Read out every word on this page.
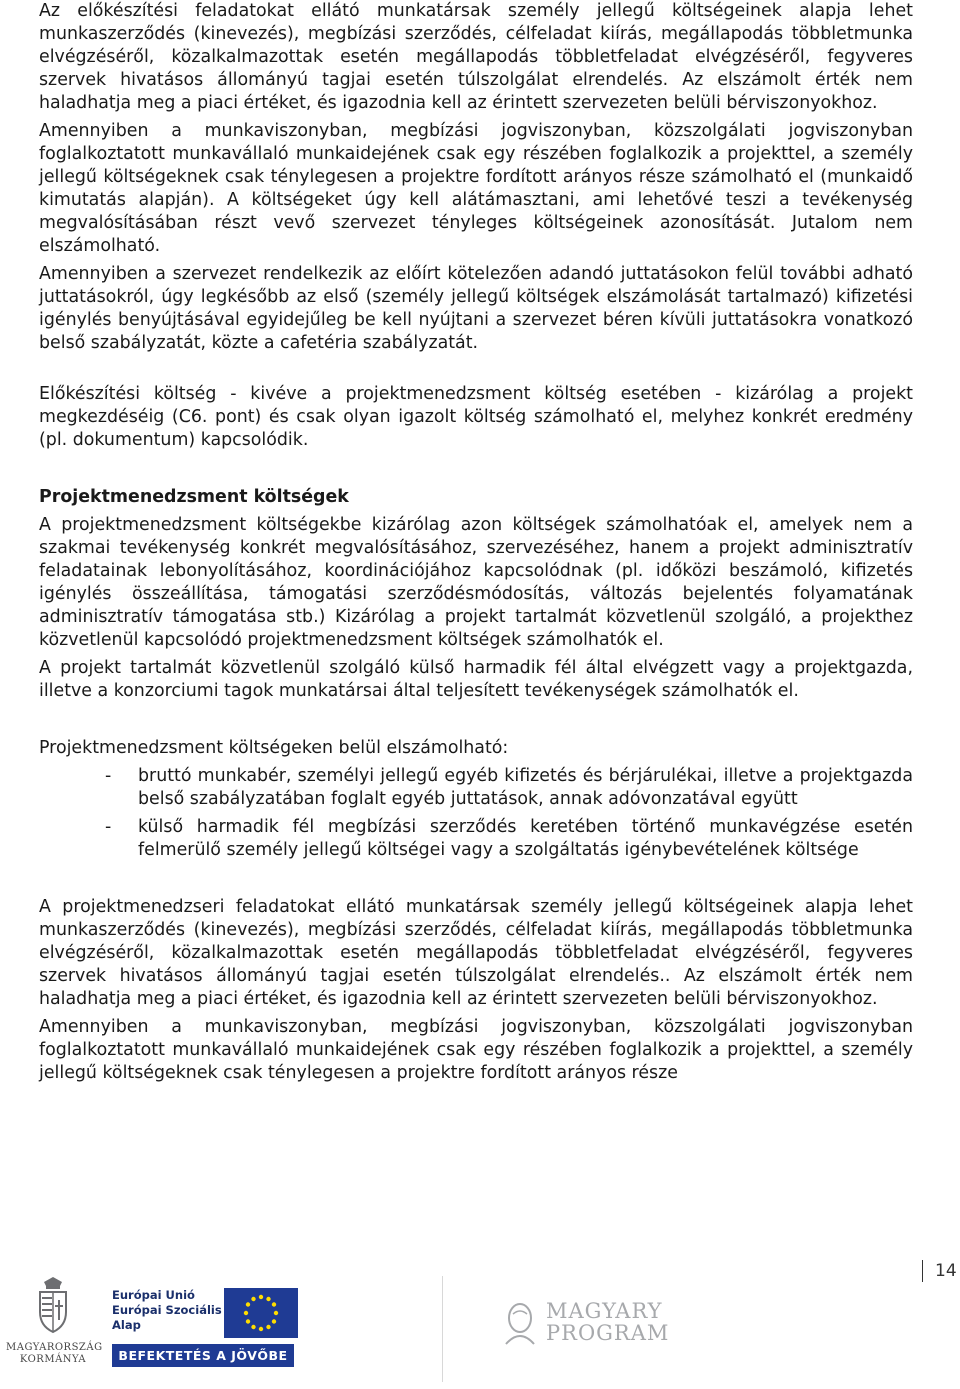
Az előkészítési feladatokat ellátó munkatársak személy jellegű költségeinek alapja lehet munkaszerződés (kinevezés), megbízási szerződés, célfeladat kiírás, megállapodás többletmunka elvégzéséről, közalkalmazottak esetén megállapodás többletfeladat elvégzéséről, fegyveres szervek hivatásos állományú tagjai esetén túlszolgálat elrendelés. Az elszámolt érték nem haladhatja meg a piaci értéket, és igazodnia kell az érintett szervezeten belüli bérviszonyokhoz.

Amennyiben a munkaviszonyban, megbízási jogviszonyban, közszolgálati jogviszonyban foglalkoztatott munkavállaló munkaidejének csak egy részében foglalkozik a projekttel, a személy jellegű költségeknek csak ténylegesen a projektre fordított arányos része számolható el (munkaidő kimutatás alapján). A költségeket úgy kell alátámasztani, ami lehetővé teszi a tevékenység megvalósításában részt vevő szervezet tényleges költségeinek azonosítását. Jutalom nem elszámolható.

Amennyiben a szervezet rendelkezik az előírt kötelezően adandó juttatásokon felül további adható juttatásokról, úgy legkésőbb az első (személy jellegű költségek elszámolását tartalmazó) kifizetési igénylés benyújtásával egyidejűleg be kell nyújtani a szervezet béren kívüli juttatásokra vonatkozó belső szabályzatát, közte a cafetéria szabályzatát.

Előkészítési költség - kivéve a projektmenedzsment költség esetében - kizárólag a projekt megkezdéséig (C6. pont) és csak olyan igazolt költség számolható el, melyhez konkrét eredmény (pl. dokumentum) kapcsolódik.

Projektmenedzsment költségek

A projektmenedzsment költségekbe kizárólag azon költségek számolhatóak el, amelyek nem a szakmai tevékenység konkrét megvalósításához, szervezéséhez, hanem a projekt adminisztratív feladatainak lebonyolításához, koordinációjához kapcsolódnak (pl. időközi beszámoló, kifizetés igénylés összeállítása, támogatási szerződésmódosítás, változás bejelentés folyamatának adminisztratív támogatása stb.) Kizárólag a projekt tartalmát közvetlenül szolgáló, a projekthez közvetlenül kapcsolódó projektmenedzsment költségek számolhatók el.

A projekt tartalmát közvetlenül szolgáló külső harmadik fél által elvégzett vagy a projektgazda, illetve a konzorciumi tagok munkatársai által teljesített tevékenységek számolhatók el.

Projektmenedzsment költségeken belül elszámolható:

- bruttó munkabér, személyi jellegű egyéb kifizetés és bérjárulékai, illetve a projektgazda belső szabályzatában foglalt egyéb juttatások, annak adóvonzatával együtt
- külső harmadik fél megbízási szerződés keretében történő munkavégzése esetén felmerülő személy jellegű költségei vagy a szolgáltatás igénybevételének költsége

A projektmenedzseri feladatokat ellátó munkatársak személy jellegű költségeinek alapja lehet munkaszerződés (kinevezés), megbízási szerződés, célfeladat kiírás, megállapodás többletmunka elvégzéséről, közalkalmazottak esetén megállapodás többletfeladat elvégzéséről, fegyveres szervek hivatásos állományú tagjai esetén túlszolgálat elrendelés.. Az elszámolt érték nem haladhatja meg a piaci értéket, és igazodnia kell az érintett szervezeten belüli bérviszonyokhoz.

Amennyiben a munkaviszonyban, megbízási jogviszonyban, közszolgálati jogviszonyban foglalkoztatott munkavállaló munkaidejének csak egy részében foglalkozik a projekttel, a személy jellegű költségeknek csak ténylegesen a projektre fordított arányos része

14
MAGYARORSZÁG
KORMÁNYA
Európai Unió
Európai Szociális
Alap
BEFEKTETÉS A JÖVŐBE
MAGYARY
PROGRAM
